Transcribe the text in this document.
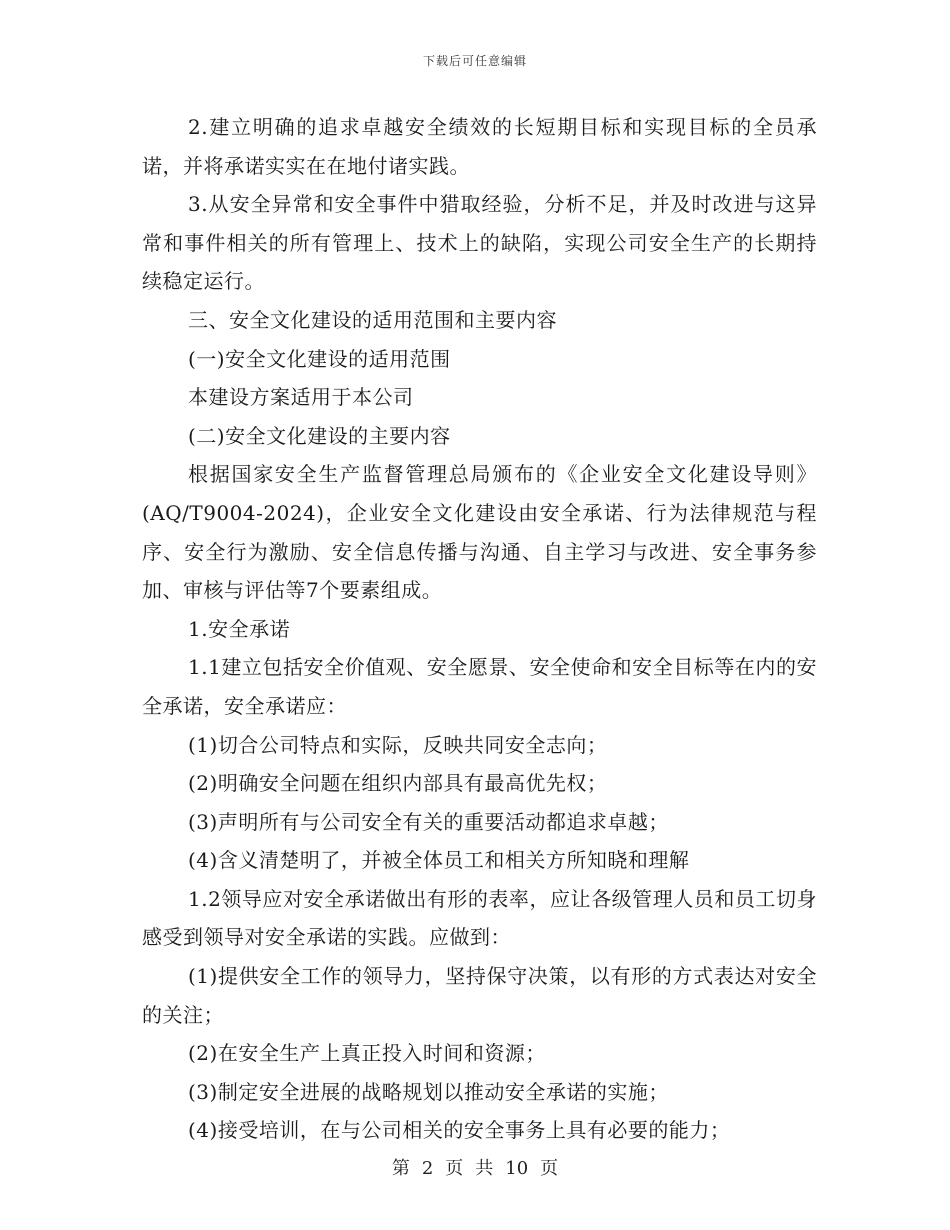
下载后可任意编辑

2.建立明确的追求卓越安全绩效的长短期目标和实现目标的全员承诺，并将承诺实实在在地付诸实践。

3.从安全异常和安全事件中猎取经验，分析不足，并及时改进与这异常和事件相关的所有管理上、技术上的缺陷，实现公司安全生产的长期持续稳定运行。

三、安全文化建设的适用范围和主要内容

(一)安全文化建设的适用范围

本建设方案适用于本公司

(二)安全文化建设的主要内容

根据国家安全生产监督管理总局颁布的《企业安全文化建设导则》(AQ/T9004-2024)，企业安全文化建设由安全承诺、行为法律规范与程序、安全行为激励、安全信息传播与沟通、自主学习与改进、安全事务参加、审核与评估等7个要素组成。

1.安全承诺

1.1建立包括安全价值观、安全愿景、安全使命和安全目标等在内的安全承诺，安全承诺应：

(1)切合公司特点和实际，反映共同安全志向；

(2)明确安全问题在组织内部具有最高优先权；

(3)声明所有与公司安全有关的重要活动都追求卓越；

(4)含义清楚明了，并被全体员工和相关方所知晓和理解

1.2领导应对安全承诺做出有形的表率，应让各级管理人员和员工切身感受到领导对安全承诺的实践。应做到：

(1)提供安全工作的领导力，坚持保守决策，以有形的方式表达对安全的关注；

(2)在安全生产上真正投入时间和资源；

(3)制定安全进展的战略规划以推动安全承诺的实施；

(4)接受培训，在与公司相关的安全事务上具有必要的能力；

第 2 页 共 10 页
